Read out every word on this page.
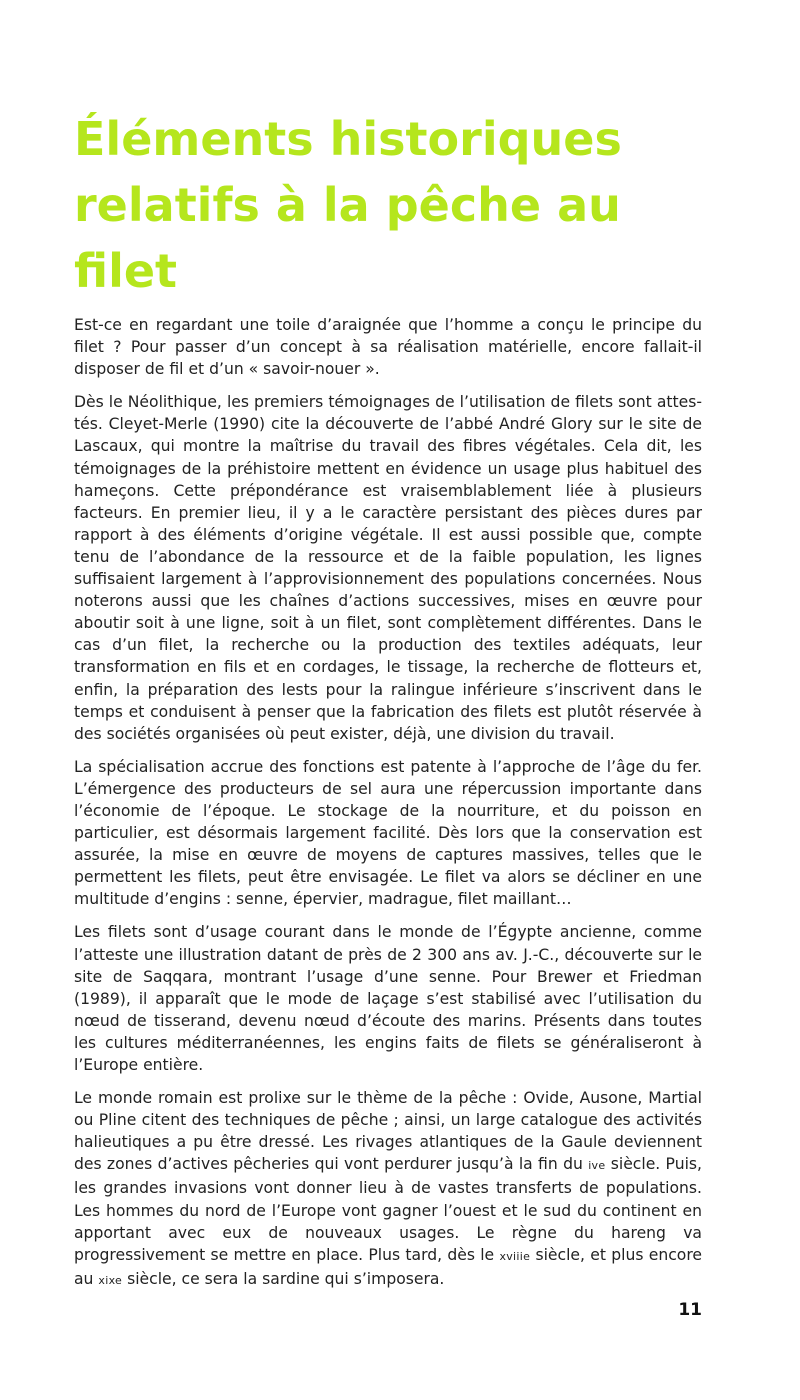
Éléments historiques
relatifs à la pêche au filet

Est-ce en regardant une toile d’araignée que l’homme a conçu le principe du filet ? Pour passer d’un concept à sa réalisation matérielle, encore fallait-il disposer de fil et d’un « savoir-nouer ».

Dès le Néolithique, les premiers témoignages de l’utilisation de filets sont attestés. Cleyet-Merle (1990) cite la découverte de l’abbé André Glory sur le site de Lascaux, qui montre la maîtrise du travail des fibres végétales. Cela dit, les témoignages de la préhistoire mettent en évidence un usage plus habituel des hameçons. Cette prépondérance est vraisemblablement liée à plusieurs facteurs. En premier lieu, il y a le caractère persistant des pièces dures par rapport à des éléments d’origine végétale. Il est aussi possible que, compte tenu de l’abondance de la ressource et de la faible population, les lignes suffisaient largement à l’approvisionnement des populations concernées. Nous noterons aussi que les chaînes d’actions successives, mises en œuvre pour aboutir soit à une ligne, soit à un filet, sont complètement différentes. Dans le cas d’un filet, la recherche ou la production des textiles adéquats, leur transformation en fils et en cordages, le tissage, la recherche de flotteurs et, enfin, la préparation des lests pour la ralingue inférieure s’inscrivent dans le temps et conduisent à penser que la fabrication des filets est plutôt réservée à des sociétés organisées où peut exister, déjà, une division du travail.

La spécialisation accrue des fonctions est patente à l’approche de l’âge du fer. L’émergence des producteurs de sel aura une répercussion importante dans l’économie de l’époque. Le stockage de la nourriture, et du poisson en particulier, est désormais largement facilité. Dès lors que la conservation est assurée, la mise en œuvre de moyens de captures massives, telles que le permettent les filets, peut être envisagée. Le filet va alors se décliner en une multitude d’engins : senne, épervier, madrague, filet maillant…

Les filets sont d’usage courant dans le monde de l’Égypte ancienne, comme l’atteste une illustration datant de près de 2 300 ans av. J.-C., découverte sur le site de Saqqara, montrant l’usage d’une senne. Pour Brewer et Friedman (1989), il apparaît que le mode de laçage s’est stabilisé avec l’utilisation du nœud de tisserand, devenu nœud d’écoute des marins. Présents dans toutes les cultures méditerranéennes, les engins faits de filets se généraliseront à l’Europe entière.

Le monde romain est prolixe sur le thème de la pêche : Ovide, Ausone, Martial ou Pline citent des techniques de pêche ; ainsi, un large catalogue des activités halieutiques a pu être dressé. Les rivages atlantiques de la Gaule deviennent des zones d’actives pêcheries qui vont perdurer jusqu’à la fin du ive siècle. Puis, les grandes invasions vont donner lieu à de vastes transferts de populations. Les hommes du nord de l’Europe vont gagner l’ouest et le sud du continent en apportant avec eux de nouveaux usages. Le règne du hareng va progressivement se mettre en place. Plus tard, dès le xviiie siècle, et plus encore au xixe siècle, ce sera la sardine qui s’imposera.

11
